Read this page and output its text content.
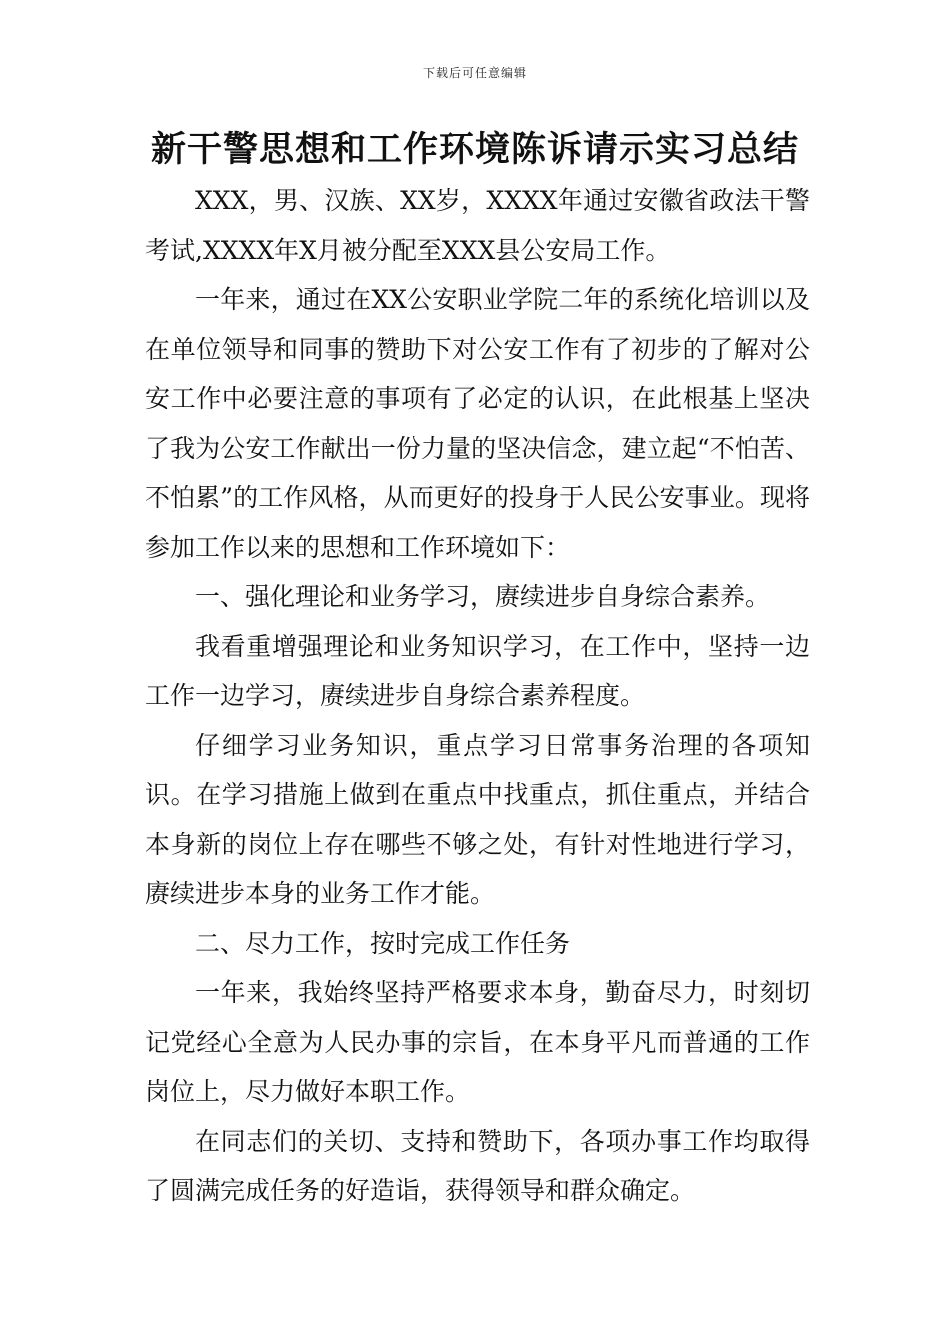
下载后可任意编辑
新干警思想和工作环境陈诉请示实习总结

XXX，男、汉族、XX岁，XXXX年通过安徽省政法干警考试,XXXX年X月被分配至XXX县公安局工作。

一年来，通过在XX公安职业学院二年的系统化培训以及在单位领导和同事的赞助下对公安工作有了初步的了解对公安工作中必要注意的事项有了必定的认识，在此根基上坚决了我为公安工作献出一份力量的坚决信念，建立起“不怕苦、不怕累”的工作风格，从而更好的投身于人民公安事业。现将参加工作以来的思想和工作环境如下：

一、强化理论和业务学习，赓续进步自身综合素养。

我看重增强理论和业务知识学习，在工作中，坚持一边工作一边学习，赓续进步自身综合素养程度。

仔细学习业务知识，重点学习日常事务治理的各项知识。在学习措施上做到在重点中找重点，抓住重点，并结合本身新的岗位上存在哪些不够之处，有针对性地进行学习，赓续进步本身的业务工作才能。

二、尽力工作，按时完成工作任务

一年来，我始终坚持严格要求本身，勤奋尽力，时刻切记党经心全意为人民办事的宗旨，在本身平凡而普通的工作岗位上，尽力做好本职工作。

在同志们的关切、支持和赞助下，各项办事工作均取得了圆满完成任务的好造诣，获得领导和群众确定。
